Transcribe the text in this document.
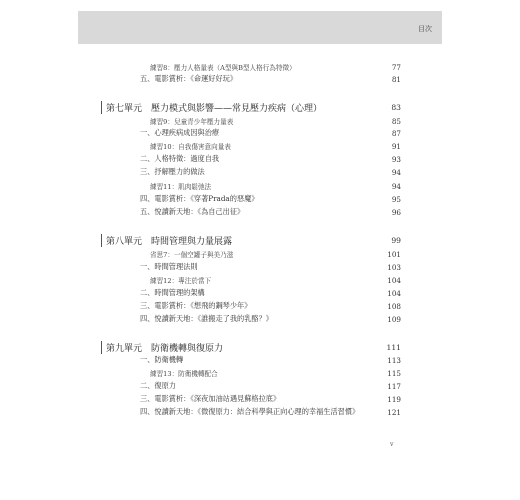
目次
練習8：壓力人格量表（A型與B型人格行為特徵）	77
五、電影賞析：《命運好好玩》	81
第七單元　壓力模式與影響——常見壓力疾病（心理）	83
練習9：兒童青少年壓力量表	85
一、心理疾病成因與治療	87
練習10：自我傷害意向量表	91
二、人格特徵：過度自我	93
三、抒解壓力的做法	94
練習11：肌肉鬆弛法	94
四、電影賞析：《穿著Prada的惡魔》	95
五、悅讀新天地：《為自己出征》	96
第八單元　時間管理與力量展露	99
省思7：一個空罐子與美乃滋	101
一、時間管理法則	103
練習12：專注於當下	104
二、時間管理的架構	104
三、電影賞析：《想飛的鋼琴少年》	108
四、悅讀新天地：《誰搬走了我的乳酪？》	109
第九單元　防衛機轉與復原力	111
一、防衛機轉	113
練習13：防衛機轉配合	115
二、復原力	117
三、電影賞析：《深夜加油站遇見蘇格拉底》	119
四、悅讀新天地：《微復原力：結合科學與正向心理的幸福生活習慣》	121
v
